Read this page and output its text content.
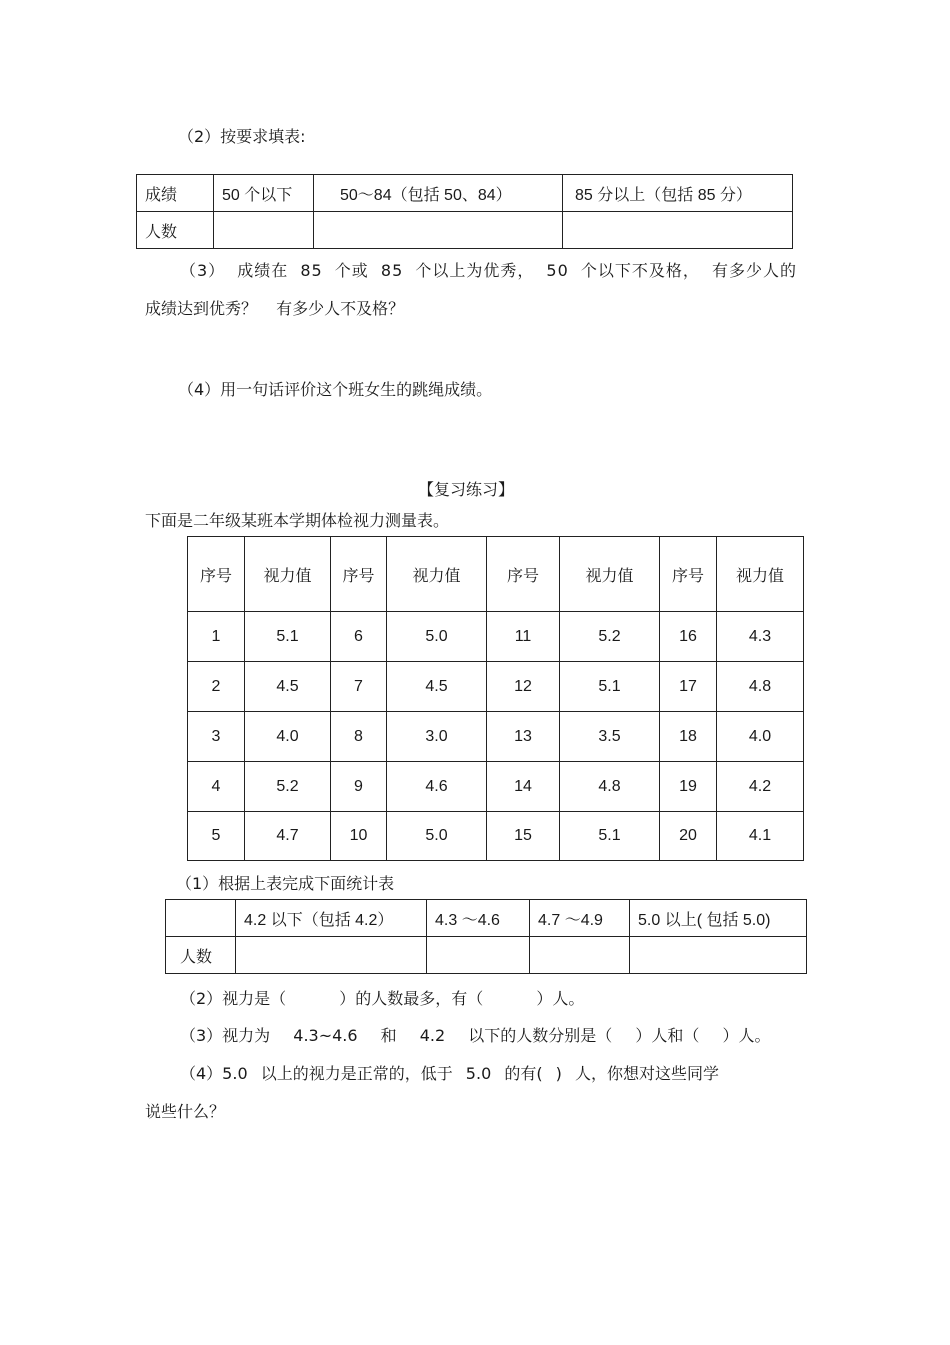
（2）按要求填表:
成绩	50 个以下	50～84（包括 50、84）	85 分以上（包括 85 分）
人数			
（3） 成绩在 85 个或 85 个以上为优秀， 50 个以下不及格， 有多少人的
成绩达到优秀？ 有多少人不及格？
（4）用一句话评价这个班女生的跳绳成绩。
【复习练习】
下面是二年级某班本学期体检视力测量表。
序号	视力值	序号	视力值	序号	视力值	序号	视力值
1	5.1	6	5.0	11	5.2	16	4.3
2	4.5	7	4.5	12	5.1	17	4.8
3	4.0	8	3.0	13	3.5	18	4.0
4	5.2	9	4.6	14	4.8	19	4.2
5	4.7	10	5.0	15	5.1	20	4.1
（1）根据上表完成下面统计表
	4.2 以下（包括 4.2）	4.3 ～4.6	4.7 ～4.9	5.0 以上( 包括 5.0)
人数				
（2）视力是（ ）的人数最多，有（ ）人。
（3）视力为 4.3~4.6 和 4.2 以下的人数分别是（ ）人和（ ）人。
（4）5.0 以上的视力是正常的，低于 5.0 的有( ) 人，你想对这些同学
说些什么？
